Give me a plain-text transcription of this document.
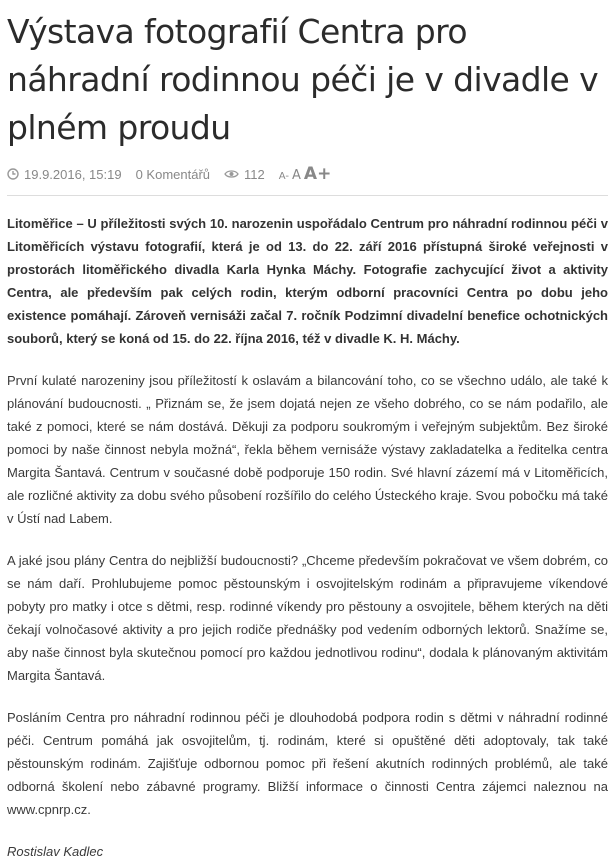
Výstava fotografií Centra pro náhradní rodinnou péči je v divadle v plném proudu
19.9.2016, 15:19 0 Komentářů	112 A- A A+

Litoměřice – U příležitosti svých 10. narozenin uspořádalo Centrum pro náhradní rodinnou péči v Litoměřicích výstavu fotografií, která je od 13. do 22. září 2016 přístupná široké veřejnosti v prostorách litoměřického divadla Karla Hynka Máchy. Fotografie zachycující život a aktivity Centra, ale především pak celých rodin, kterým odborní pracovníci Centra po dobu jeho existence pomáhají. Zároveň vernisáži začal 7. ročník Podzimní divadelní benefice ochotnických souborů, který se koná od 15. do 22. října 2016, též v divadle K. H. Máchy.

První kulaté narozeniny jsou příležitostí k oslavám a bilancování toho, co se všechno událo, ale také k plánování budoucnosti. „ Přiznám se, že jsem dojatá nejen ze všeho dobrého, co se nám podařilo, ale také z pomoci, které se nám dostává. Děkuji za podporu soukromým i veřejným subjektům. Bez široké pomoci by naše činnost nebyla možná“, řekla během vernisáže výstavy zakladatelka a ředitelka centra Margita Šantavá. Centrum v současné době podporuje 150 rodin. Své hlavní zázemí má v Litoměřicích, ale rozličné aktivity za dobu svého působení rozšířilo do celého Ústeckého kraje. Svou pobočku má také v Ústí nad Labem.

A jaké jsou plány Centra do nejbližší budoucnosti? „Chceme především pokračovat ve všem dobrém, co se nám daří. Prohlubujeme pomoc pěstounským i osvojitelským rodinám a připravujeme víkendové pobyty pro matky i otce s dětmi, resp. rodinné víkendy pro pěstouny a osvojitele, během kterých na děti čekají volnočasové aktivity a pro jejich rodiče přednášky pod vedením odborných lektorů. Snažíme se, aby naše činnost byla skutečnou pomocí pro každou jednotlivou rodinu“, dodala k plánovaným aktivitám Margita Šantavá.

Posláním Centra pro náhradní rodinnou péči je dlouhodobá podpora rodin s dětmi v náhradní rodinné péči. Centrum pomáhá jak osvojitelům, tj. rodinám, které si opuštěné děti adoptovaly, tak také pěstounským rodinám. Zajišťuje odbornou pomoc při řešení akutních rodinných problémů, ale také odborná školení nebo zábavné programy. Bližší informace o činnosti Centra zájemci naleznou na www.cpnrp.cz.

Rostislav Kadlec
